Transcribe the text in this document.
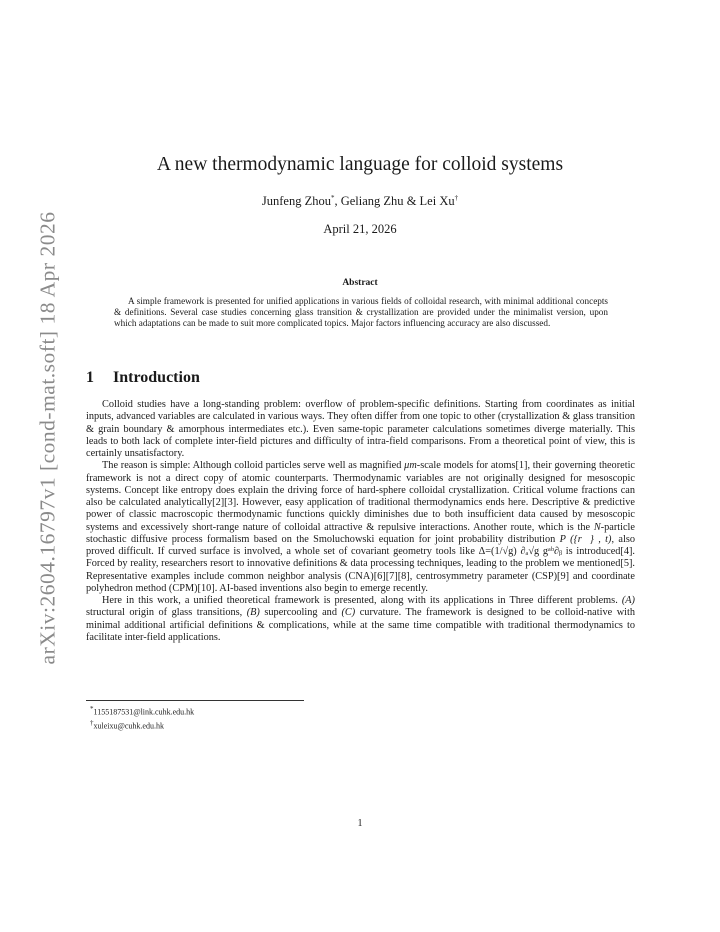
arXiv:2604.16797v1 [cond-mat.soft] 18 Apr 2026
A new thermodynamic language for colloid systems
Junfeng Zhou*, Geliang Zhu & Lei Xu†
April 21, 2026
Abstract

A simple framework is presented for unified applications in various fields of colloidal research, with minimal additional concepts & definitions. Several case studies concerning glass transition & crystallization are provided under the minimalist version, upon which adaptations can be made to suit more complicated topics. Major factors influencing accuracy are also discussed.

1 Introduction

Colloid studies have a long-standing problem: overflow of problem-specific definitions. Starting from coordinates as initial inputs, advanced variables are calculated in various ways. They often differ from one topic to other (crystallization & glass transition & grain boundary & amorphous intermediates etc.). Even same-topic parameter calculations sometimes diverge materially. This leads to both lack of complete inter-field pictures and difficulty of intra-field comparisons. From a theoretical point of view, this is certainly unsatisfactory.

The reason is simple: Although colloid particles serve well as magnified μm-scale models for atoms[1], their governing theoretic framework is not a direct copy of atomic counterparts. Thermodynamic variables are not originally designed for mesoscopic systems. Concept like entropy does explain the driving force of hard-sphere colloidal crystallization. Critical volume fractions can also be calculated analytically[2][3]. However, easy application of traditional thermodynamics ends here. Descriptive & predictive power of classic macroscopic thermodynamic functions quickly diminishes due to both insufficient data caused by mesoscopic systems and excessively short-range nature of colloidal attractive & repulsive interactions. Another route, which is the N-particle stochastic diffusive process formalism based on the Smoluchowski equation for joint probability distribution P ({r⃗} , t), also proved difficult. If curved surface is involved, a whole set of covariant geometry tools like Δ=(1/√g) ∂ₐ√g gᵃᵇ∂ᵦ is introduced[4]. Forced by reality, researchers resort to innovative definitions & data processing techniques, leading to the problem we mentioned[5]. Representative examples include common neighbor analysis (CNA)[6][7][8], centrosymmetry parameter (CSP)[9] and coordinate polyhedron method (CPM)[10]. AI-based inventions also begin to emerge recently.

Here in this work, a unified theoretical framework is presented, along with its applications in Three different problems. (A) structural origin of glass transitions, (B) supercooling and (C) curvature. The framework is designed to be colloid-native with minimal additional artificial definitions & complications, while at the same time compatible with traditional thermodynamics to facilitate inter-field applications.

*1155187531@link.cuhk.edu.hk
†xuleixu@cuhk.edu.hk
1
